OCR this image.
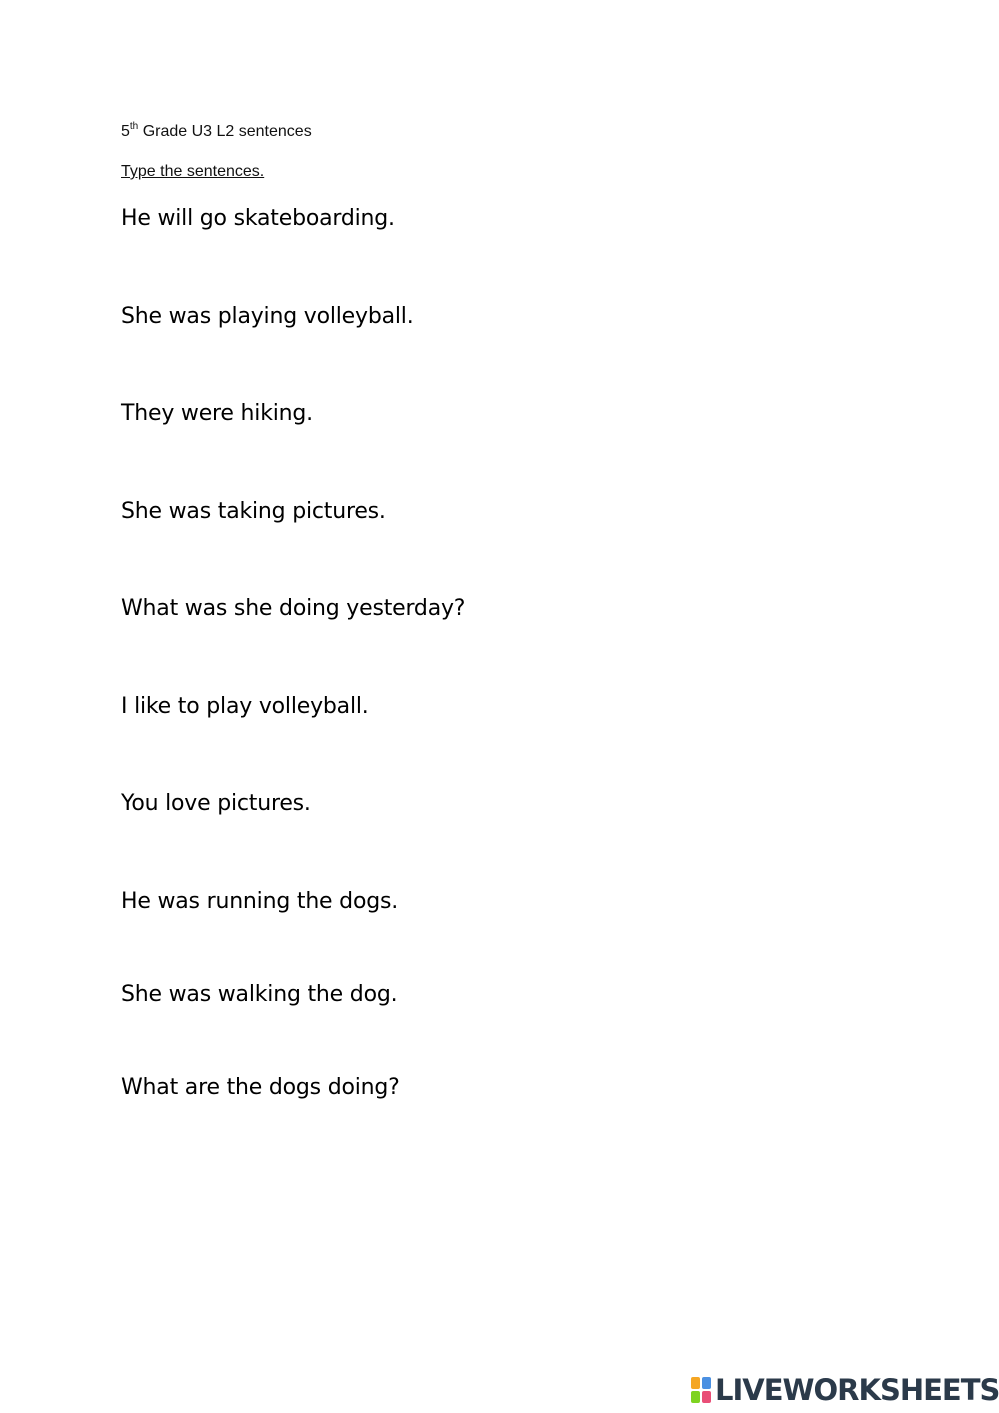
5th Grade U3 L2 sentences
Type the sentences.
He will go skateboarding.
She was playing volleyball.
They were hiking.
She was taking pictures.
What was she doing yesterday?
I like to play volleyball.
You love pictures.
He was running the dogs.
She was walking the dog.
What are the dogs doing?
LIVEWORKSHEETS
